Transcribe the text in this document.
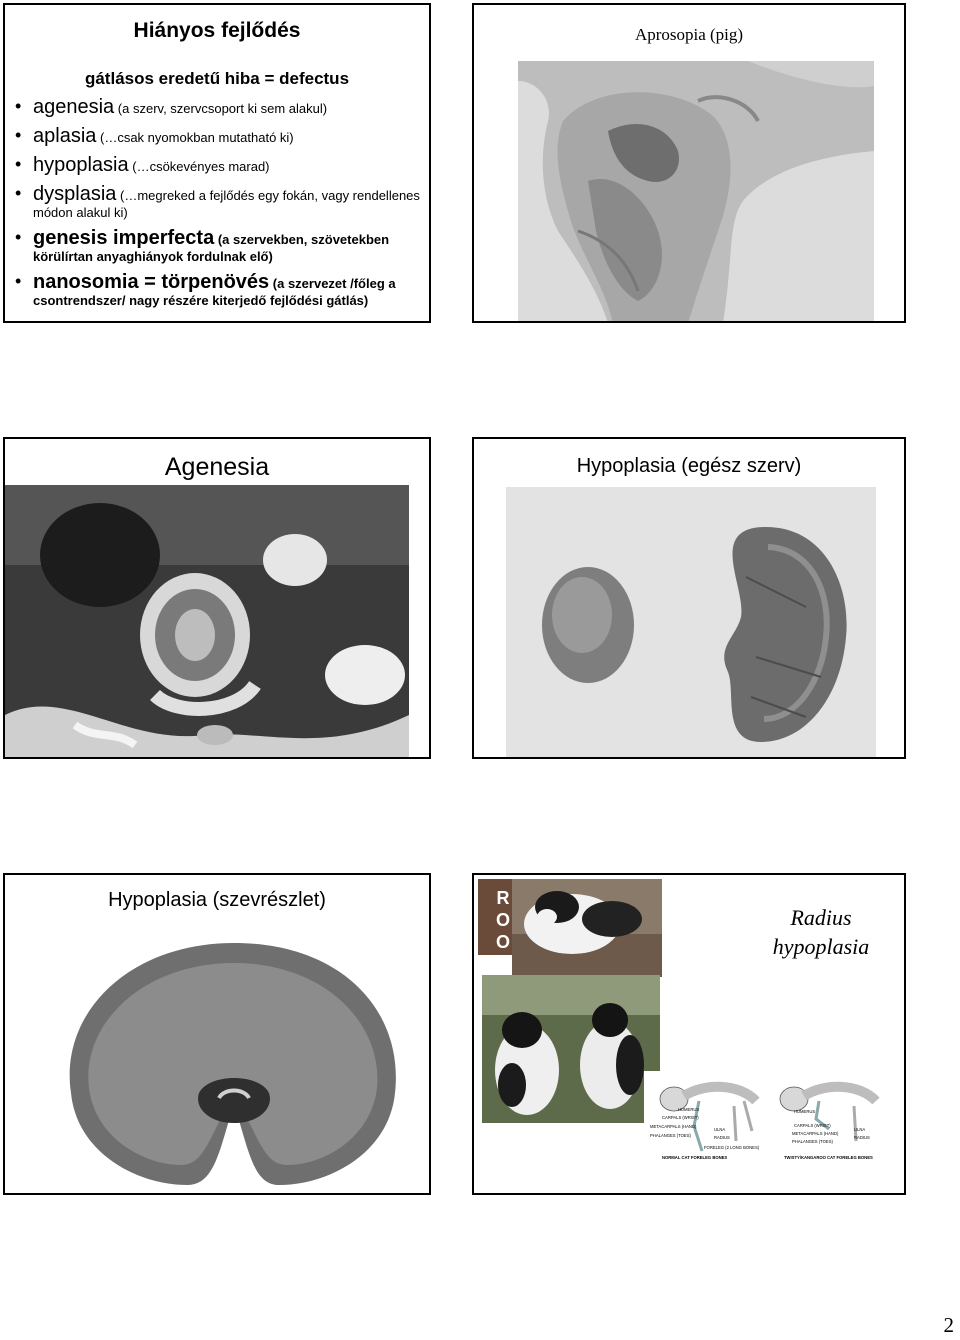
Hiányos fejlődés
gátlásos eredetű hiba = defectus
• agenesia (a szerv, szervcsoport ki sem alakul)
• aplasia (…csak nyomokban mutatható ki)
• hypoplasia (…csökevényes marad)
• dysplasia (…megreked a fejlődés egy fokán, vagy rendellenes módon alakul ki)
• genesis imperfecta (a szervekben, szövetekben körülírtan anyaghiányok fordulnak elő)
• nanosomia = törpenövés (a szervezet /főleg a csontrendszer/ nagy részére kiterjedő fejlődési gátlás)
Aprosopia (pig)
Agenesia	Hypoplasia (egész szerv)
Hypoplasia (szevrészlet)	R
O
O
Radius
hypoplasia
HUMERUS
CARPALS (WRIST)
METACARPALS (HAND)
PHALANGES (TOES)
ULNA
RADIUS
FORELEG (2 LONG BONES)
NORMAL CAT FORELEG BONES
HUMERUS
CARPALS (WRIST)
METACARPALS (HAND)
PHALANGES (TOES)
ULNA
RADIUS
TWISTY/KANGAROO CAT FORELEG BONES
2
